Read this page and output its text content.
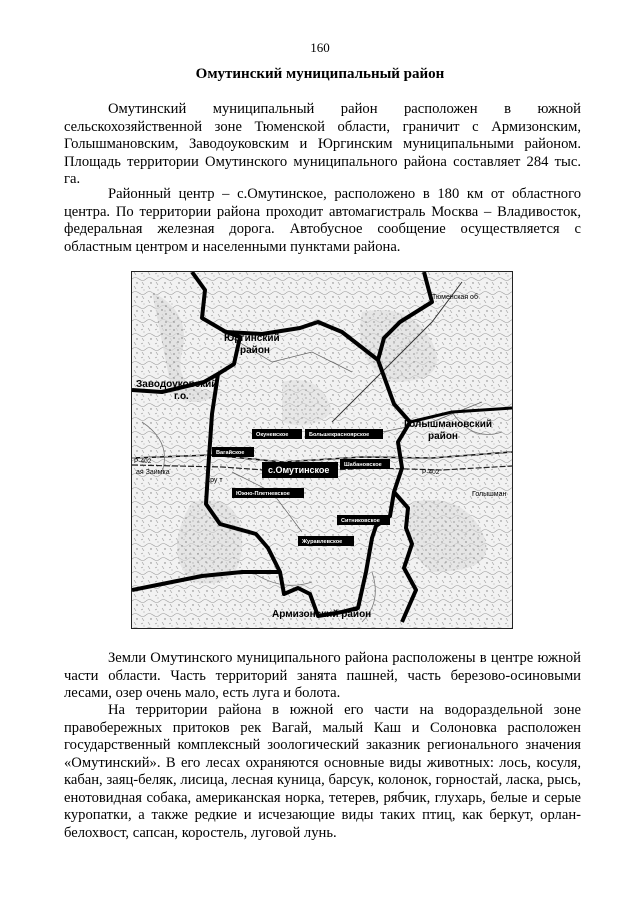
160
Омутинский муниципальный район

Омутинский муниципальный район расположен в южной сельскохозяйственной зоне Тюменской области, граничит с Армизонским, Голышмановским, Заводоуковским и Юргинским муниципальными районом. Площадь территории Омутинского муниципального района составляет 284 тыс. га.

Районный центр – с.Омутинское, расположено в 180 км от областного центра. По территории района проходит автомагистраль Москва – Владивосток, федеральная железная дорога. Автобусное сообщение осуществляется с областным центром и населенными пунктами района.

Юргинский
район
Заводоуковский
г.о.
Голышмановский
район
Армизонский район
Р-402
Р-402
Тюменская об
Голышман
ая Заимка
Кру т
Окуневское	Большекрасноярское
Вагайское
с.Омутинское	Шабановское
Южно-Плетневское
Ситниковское
Журавлевское

Земли Омутинского муниципального района расположены в центре южной части области. Часть территорий занята пашней, часть березово-осиновыми лесами, озер очень мало, есть луга и болота.

На территории района в южной его части на водораздельной зоне правобережных притоков рек Вагай, малый Каш и Солоновка расположен государственный комплексный зоологический заказник регионального значения «Омутинский». В его лесах охраняются основные виды животных: лось, косуля, кабан, заяц-беляк, лисица, лесная куница, барсук, колонок, горностай, ласка, рысь, енотовидная собака, американская норка, тетерев, рябчик, глухарь, белые и серые куропатки, а также редкие и исчезающие виды таких птиц, как беркут, орлан-белохвост, сапсан, коростель, луговой лунь.
